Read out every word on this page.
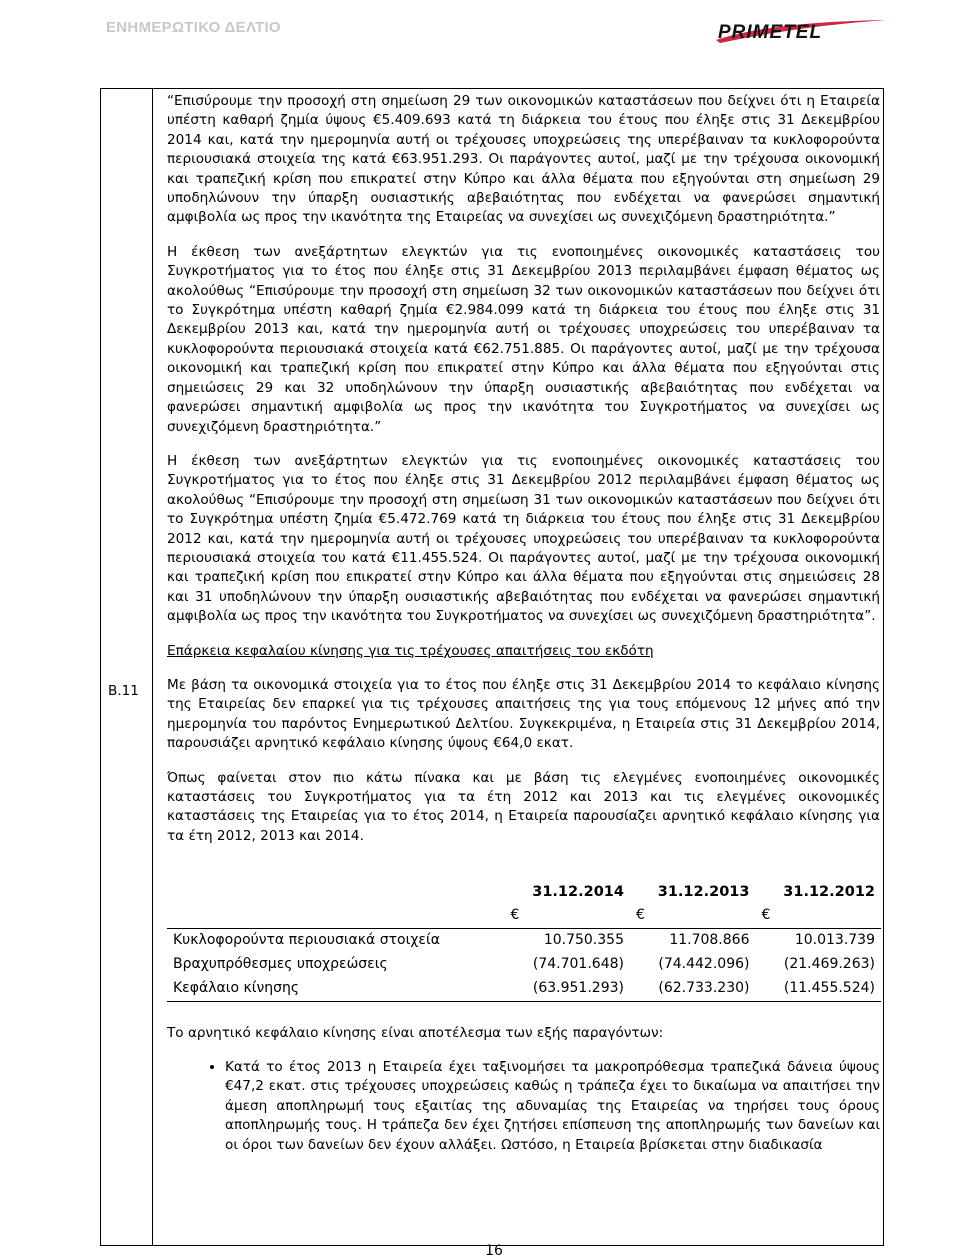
ΕΝΗΜΕΡΩΤΙΚΟ ΔΕΛΤΙΟ	PRIMETEL
B.11

“Επισύρουμε την προσοχή στη σημείωση 29 των οικονομικών καταστάσεων που δείχνει ότι η Εταιρεία υπέστη καθαρή ζημία ύψους €5.409.693 κατά τη διάρκεια του έτους που έληξε στις 31 Δεκεμβρίου 2014 και, κατά την ημερομηνία αυτή οι τρέχουσες υποχρεώσεις της υπερέβαιναν τα κυκλοφορούντα περιουσιακά στοιχεία της κατά €63.951.293. Οι παράγοντες αυτοί, μαζί με την τρέχουσα οικονομική και τραπεζική κρίση που επικρατεί στην Κύπρο και άλλα θέματα που εξηγούνται στη σημείωση 29 υποδηλώνουν την ύπαρξη ουσιαστικής αβεβαιότητας που ενδέχεται να φανερώσει σημαντική αμφιβολία ως προς την ικανότητα της Εταιρείας να συνεχίσει ως συνεχιζόμενη δραστηριότητα.”

Η έκθεση των ανεξάρτητων ελεγκτών για τις ενοποιημένες οικονομικές καταστάσεις του Συγκροτήματος για το έτος που έληξε στις 31 Δεκεμβρίου 2013 περιλαμβάνει έμφαση θέματος ως ακολούθως “Επισύρουμε την προσοχή στη σημείωση 32 των οικονομικών καταστάσεων που δείχνει ότι το Συγκρότημα υπέστη καθαρή ζημία €2.984.099 κατά τη διάρκεια του έτους που έληξε στις 31 Δεκεμβρίου 2013 και, κατά την ημερομηνία αυτή οι τρέχουσες υποχρεώσεις του υπερέβαιναν τα κυκλοφορούντα περιουσιακά στοιχεία κατά €62.751.885. Οι παράγοντες αυτοί, μαζί με την τρέχουσα οικονομική και τραπεζική κρίση που επικρατεί στην Κύπρο και άλλα θέματα που εξηγούνται στις σημειώσεις 29 και 32 υποδηλώνουν την ύπαρξη ουσιαστικής αβεβαιότητας που ενδέχεται να φανερώσει σημαντική αμφιβολία ως προς την ικανότητα του Συγκροτήματος να συνεχίσει ως συνεχιζόμενη δραστηριότητα.”

Η έκθεση των ανεξάρτητων ελεγκτών για τις ενοποιημένες οικονομικές καταστάσεις του Συγκροτήματος για το έτος που έληξε στις 31 Δεκεμβρίου 2012 περιλαμβάνει έμφαση θέματος ως ακολούθως “Επισύρουμε την προσοχή στη σημείωση 31 των οικονομικών καταστάσεων που δείχνει ότι το Συγκρότημα υπέστη ζημία €5.472.769 κατά τη διάρκεια του έτους που έληξε στις 31 Δεκεμβρίου 2012 και, κατά την ημερομηνία αυτή οι τρέχουσες υποχρεώσεις του υπερέβαιναν τα κυκλοφορούντα περιουσιακά στοιχεία του κατά €11.455.524. Οι παράγοντες αυτοί, μαζί με την τρέχουσα οικονομική και τραπεζική κρίση που επικρατεί στην Κύπρο και άλλα θέματα που εξηγούνται στις σημειώσεις 28 και 31 υποδηλώνουν την ύπαρξη ουσιαστικής αβεβαιότητας που ενδέχεται να φανερώσει σημαντική αμφιβολία ως προς την ικανότητα του Συγκροτήματος να συνεχίσει ως συνεχιζόμενη δραστηριότητα”.

Επάρκεια κεφαλαίου κίνησης για τις τρέχουσες απαιτήσεις του εκδότη

Με βάση τα οικονομικά στοιχεία για το έτος που έληξε στις 31 Δεκεμβρίου 2014 το κεφάλαιο κίνησης της Εταιρείας δεν επαρκεί για τις τρέχουσες απαιτήσεις της για τους επόμενους 12 μήνες από την ημερομηνία του παρόντος Ενημερωτικού Δελτίου. Συγκεκριμένα, η Εταιρεία στις 31 Δεκεμβρίου 2014, παρουσιάζει αρνητικό κεφάλαιο κίνησης ύψους €64,0 εκατ.

Όπως φαίνεται στον πιο κάτω πίνακα και με βάση τις ελεγμένες ενοποιημένες οικονομικές καταστάσεις του Συγκροτήματος για τα έτη 2012 και 2013 και τις ελεγμένες οικονομικές καταστάσεις της Εταιρείας για το έτος 2014, η Εταιρεία παρουσίαζει αρνητικό κεφάλαιο κίνησης για τα έτη 2012, 2013 και 2014.

	31.12.2014	31.12.2013	31.12.2012
	€	€	€
Κυκλοφορούντα περιουσιακά στοιχεία	10.750.355	11.708.866	10.013.739
Βραχυπρόθεσμες υποχρεώσεις	(74.701.648)	(74.442.096)	(21.469.263)
Κεφάλαιο κίνησης	(63.951.293)	(62.733.230)	(11.455.524)

Το αρνητικό κεφάλαιο κίνησης είναι αποτέλεσμα των εξής παραγόντων:

• Κατά το έτος 2013 η Εταιρεία έχει ταξινομήσει τα μακροπρόθεσμα τραπεζικά δάνεια ύψους €47,2 εκατ. στις τρέχουσες υποχρεώσεις καθώς η τράπεζα έχει το δικαίωμα να απαιτήσει την άμεση αποπληρωμή τους εξαιτίας της αδυναμίας της Εταιρείας να τηρήσει τους όρους αποπληρωμής τους. Η τράπεζα δεν έχει ζητήσει επίσπευση της αποπληρωμής των δανείων και οι όροι των δανείων δεν έχουν αλλάξει. Ωστόσο, η Εταιρεία βρίσκεται στην διαδικασία
16
